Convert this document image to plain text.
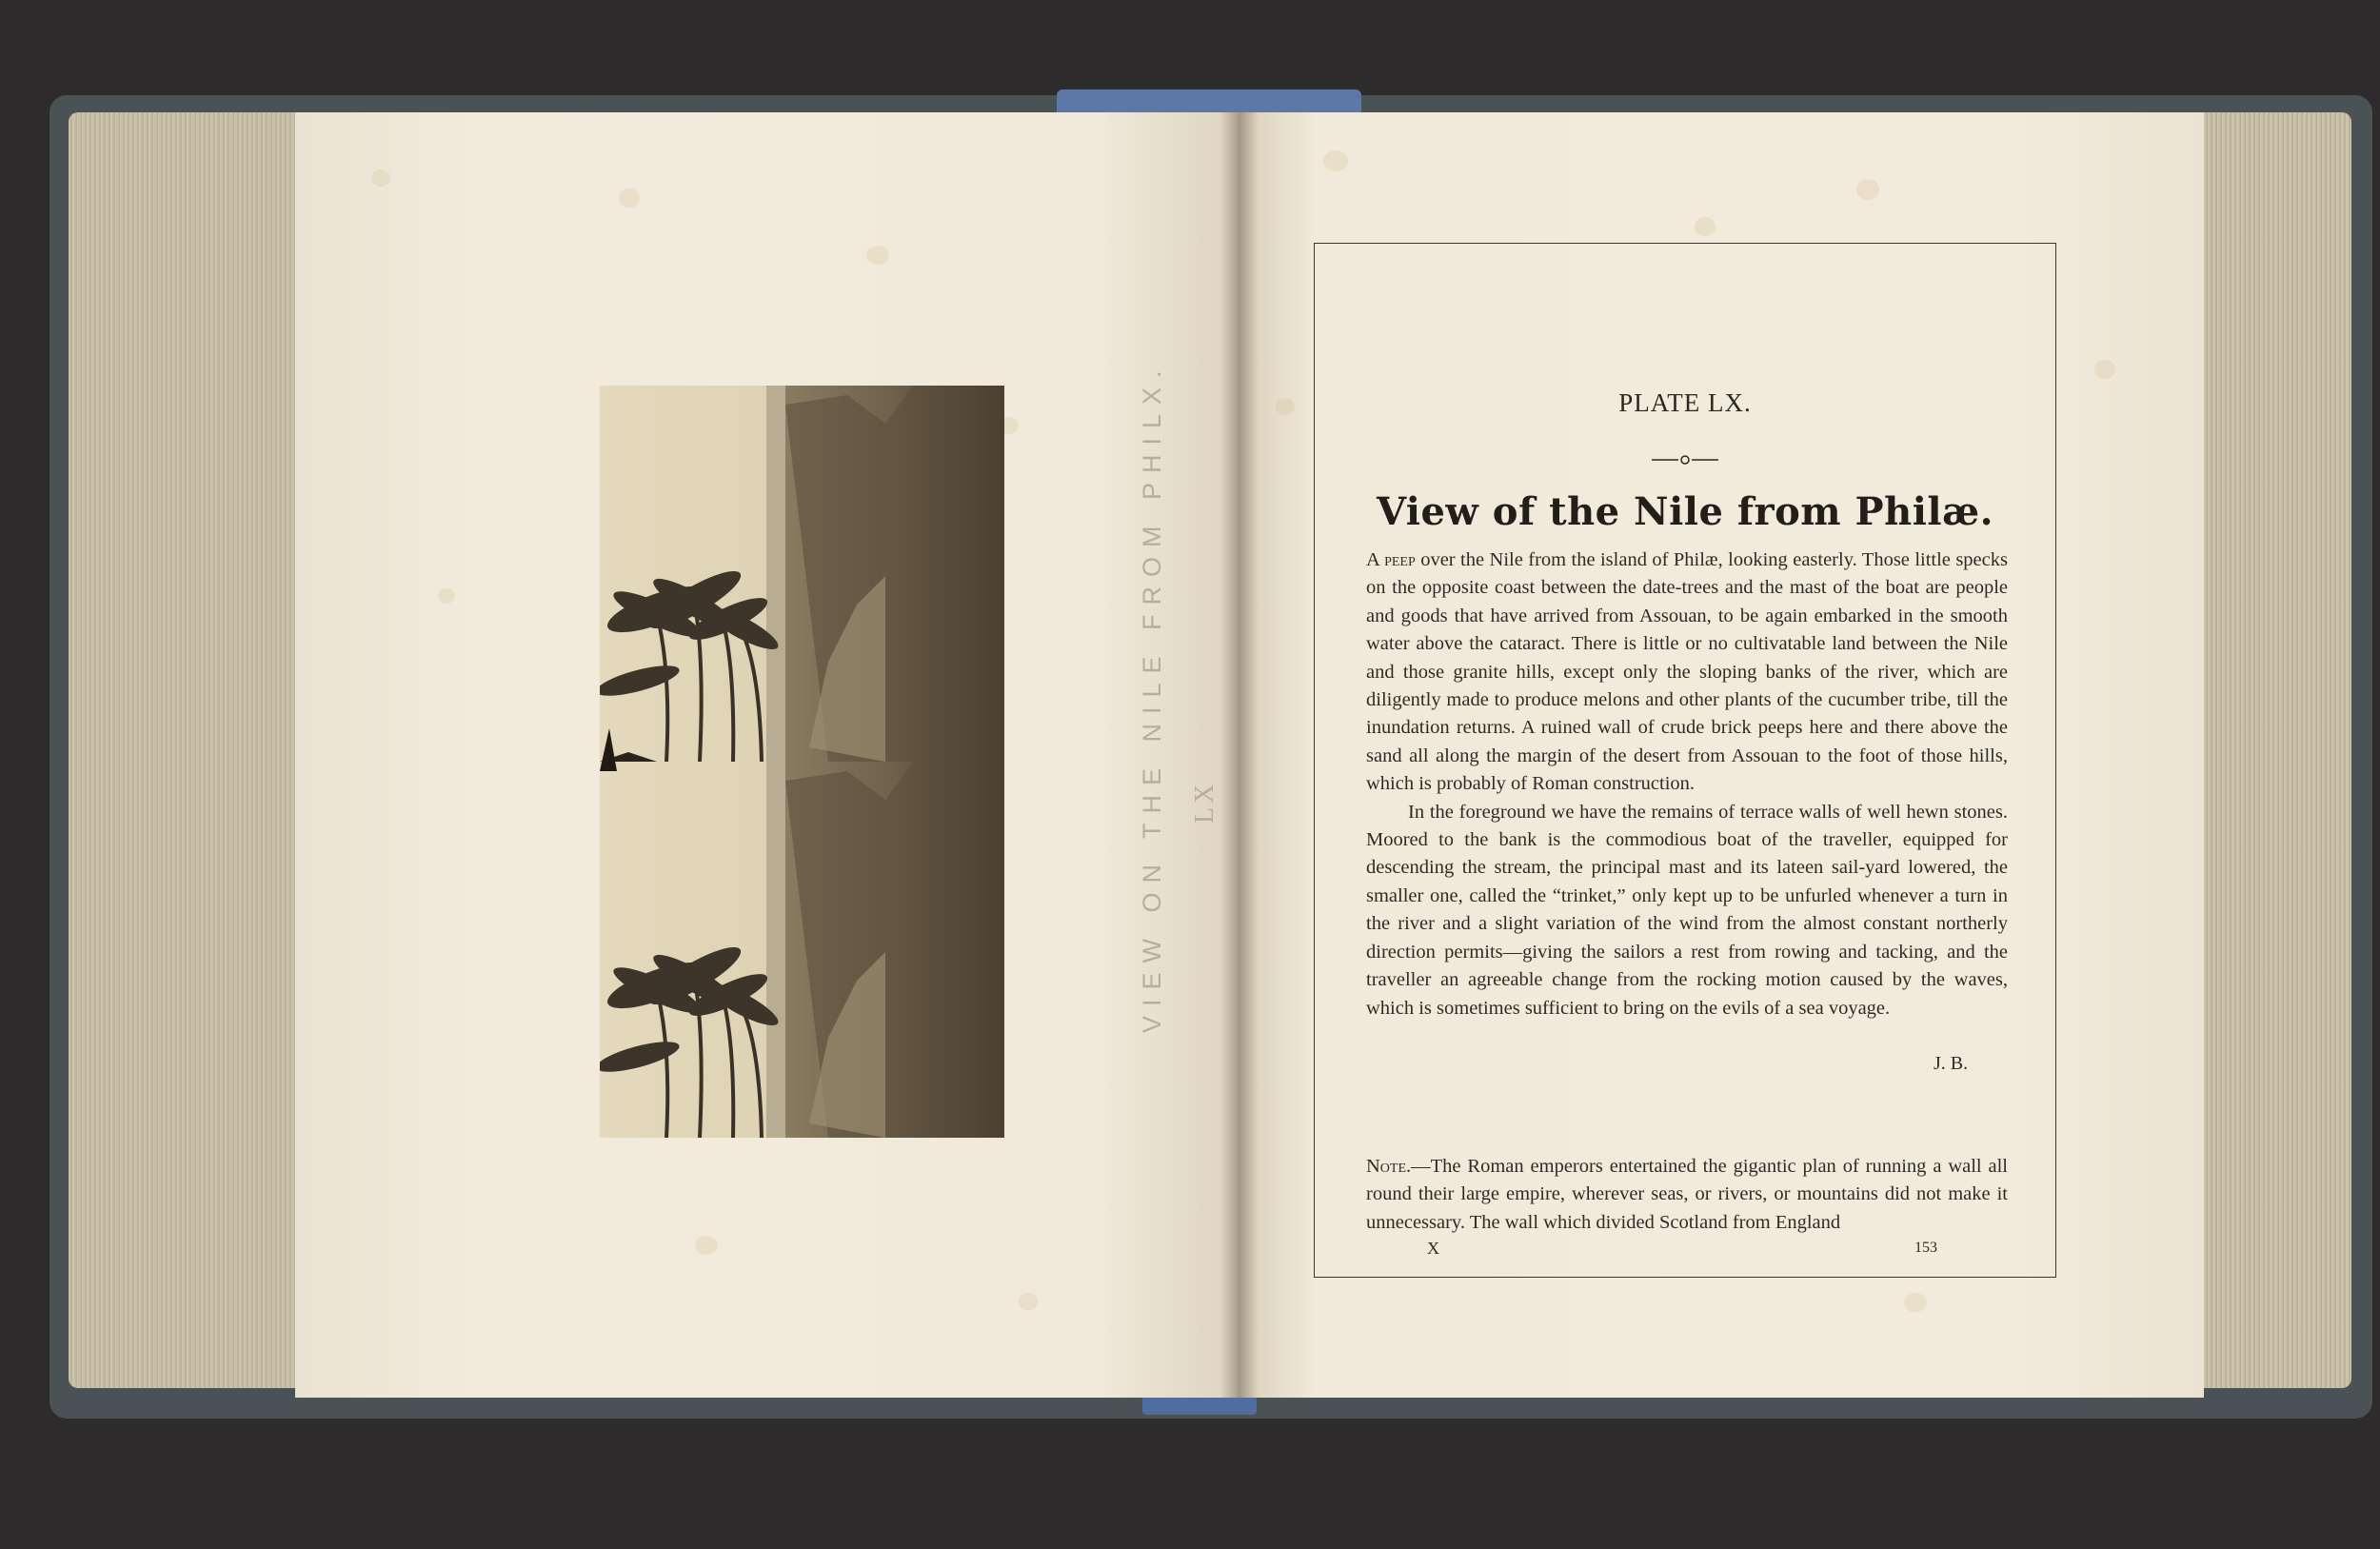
VIEW ON THE NILE FROM PHILX. LX
PLATE LX.
View of the Nile from Philæ.

A peep over the Nile from the island of Philæ, looking easterly. Those little specks on the opposite coast between the date-trees and the mast of the boat are people and goods that have arrived from Assouan, to be again embarked in the smooth water above the cataract. There is little or no cultivatable land between the Nile and those granite hills, except only the sloping banks of the river, which are diligently made to produce melons and other plants of the cucumber tribe, till the inundation returns. A ruined wall of crude brick peeps here and there above the sand all along the margin of the desert from Assouan to the foot of those hills, which is probably of Roman construction.

In the foreground we have the remains of terrace walls of well hewn stones. Moored to the bank is the commodious boat of the traveller, equipped for descending the stream, the principal mast and its lateen sail-yard lowered, the smaller one, called the “trinket,” only kept up to be unfurled whenever a turn in the river and a slight variation of the wind from the almost constant northerly direction permits—giving the sailors a rest from rowing and tacking, and the traveller an agreeable change from the rocking motion caused by the waves, which is sometimes sufficient to bring on the evils of a sea voyage.

J. B.
Note.—The Roman emperors entertained the gigantic plan of running a wall all round their large empire, wherever seas, or rivers, or mountains did not make it unnecessary. The wall which divided Scotland from England
X	153
